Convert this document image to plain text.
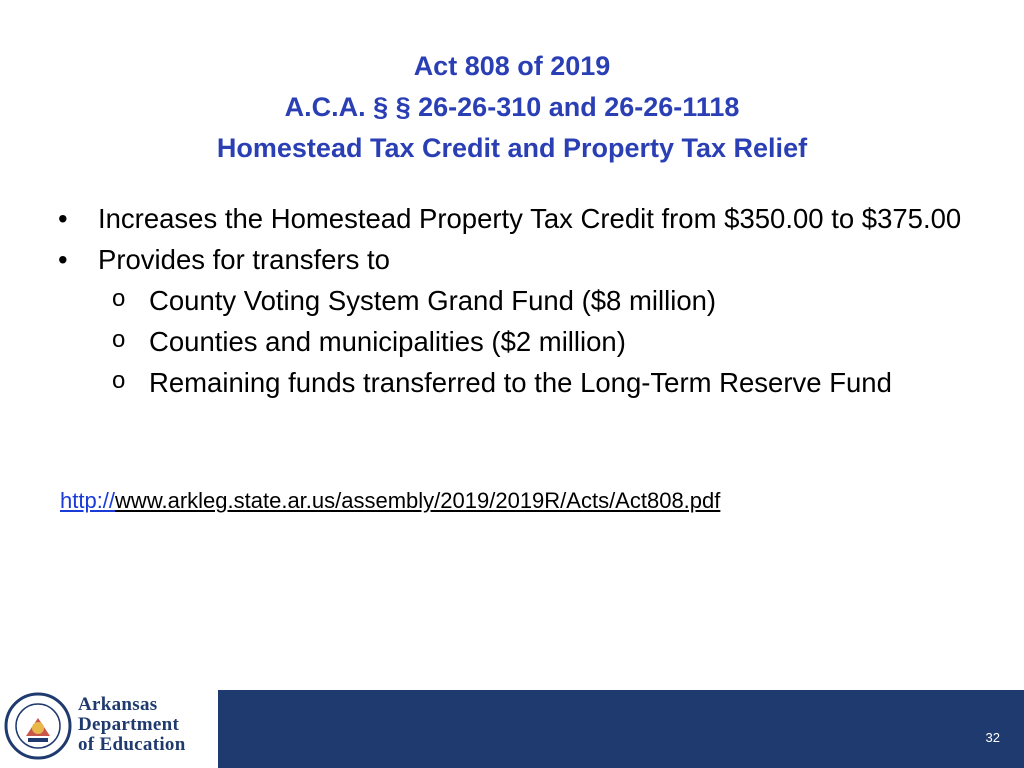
Act 808 of 2019
A.C.A. § § 26-26-310 and 26-26-1118
Homestead Tax Credit and Property Tax Relief
•	Increases the Homestead Property Tax Credit from $350.00 to $375.00
•	Provides for transfers to
o County Voting System Grand Fund ($8 million)
o Counties and municipalities ($2 million)
o Remaining funds transferred to the Long-Term Reserve Fund
http://www.arkleg.state.ar.us/assembly/2019/2019R/Acts/Act808.pdf
Arkansas
Department
of Education	32
